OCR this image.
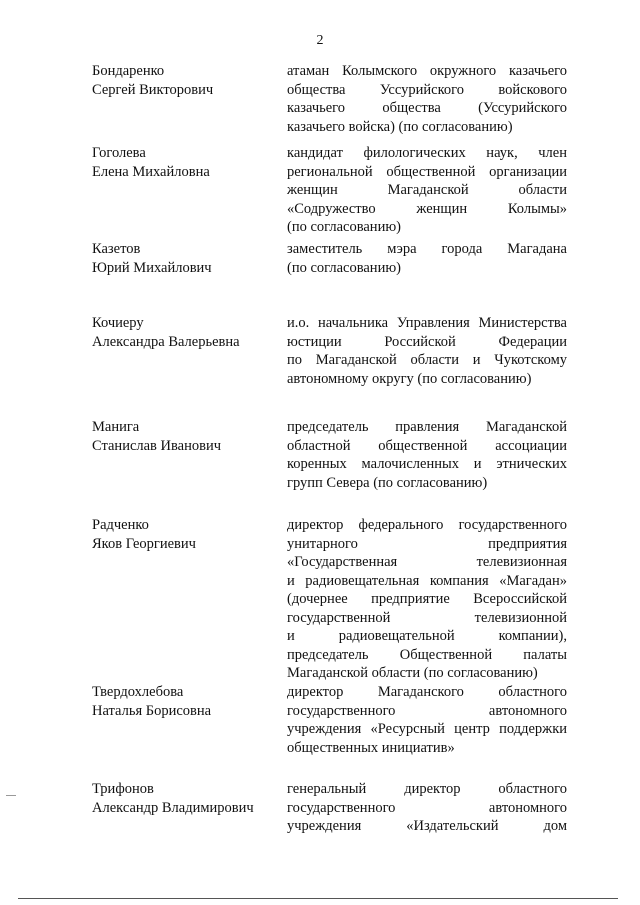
2
Бондаренко
Сергей Викторович
атаман Колымского окружного казачьего
общества Уссурийского войскового
казачьего общества (Уссурийского
казачьего войска) (по согласованию)
Гоголева
Елена Михайловна
кандидат филологических наук, член
региональной общественной организации
женщин Магаданской области
«Содружество женщин Колымы»
(по согласованию)
Казетов
Юрий Михайлович
заместитель мэра города Магадана
(по согласованию)
Кочиеру
Александра Валерьевна
и.о. начальника Управления Министерства
юстиции Российской Федерации
по Магаданской области и Чукотскому
автономному округу (по согласованию)
Манига
Станислав Иванович
председатель правления Магаданской
областной общественной ассоциации
коренных малочисленных и этнических
групп Севера (по согласованию)
Радченко
Яков Георгиевич
директор федерального государственного
унитарного предприятия
«Государственная телевизионная
и радиовещательная компания «Магадан»
(дочернее предприятие Всероссийской
государственной телевизионной
и радиовещательной компании),
председатель Общественной палаты
Магаданской области (по согласованию)
Твердохлебова
Наталья Борисовна
директор Магаданского областного
государственного автономного
учреждения «Ресурсный центр поддержки
общественных инициатив»
Трифонов
Александр Владимирович
генеральный директор областного
государственного автономного
учреждения «Издательский дом
